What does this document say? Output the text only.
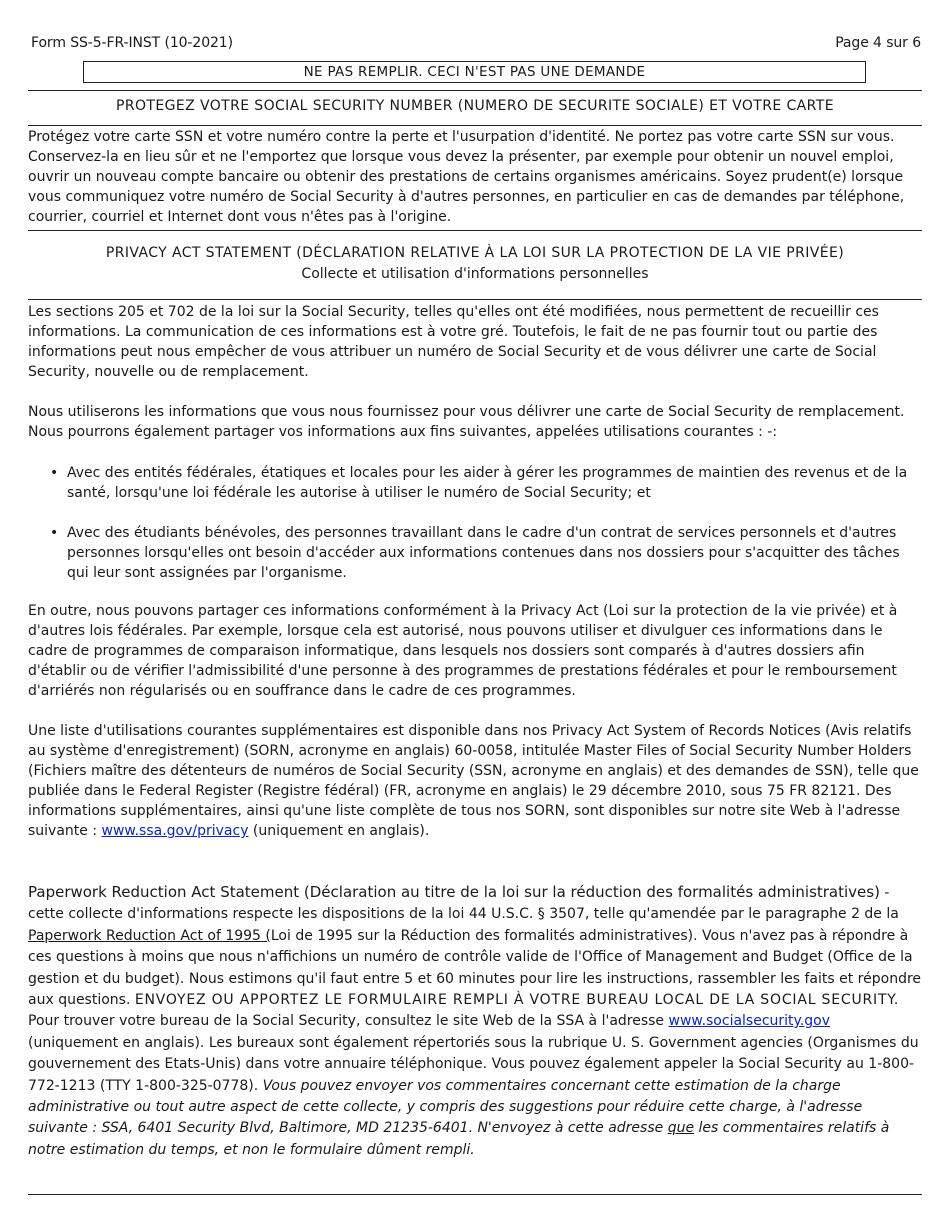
Form SS-5-FR-INST (10-2021)	Page 4 sur 6
NE PAS REMPLIR. CECI N'EST PAS UNE DEMANDE
PROTEGEZ VOTRE SOCIAL SECURITY NUMBER (NUMERO DE SECURITE SOCIALE) ET VOTRE CARTE

Protégez votre carte SSN et votre numéro contre la perte et l'usurpation d'identité. Ne portez pas votre carte SSN sur vous. Conservez-la en lieu sûr et ne l'emportez que lorsque vous devez la présenter, par exemple pour obtenir un nouvel emploi, ouvrir un nouveau compte bancaire ou obtenir des prestations de certains organismes américains. Soyez prudent(e) lorsque vous communiquez votre numéro de Social Security à d'autres personnes, en particulier en cas de demandes par téléphone, courrier, courriel et Internet dont vous n'êtes pas à l'origine.

PRIVACY ACT STATEMENT (DÉCLARATION RELATIVE À LA LOI SUR LA PROTECTION DE LA VIE PRIVÉE)
Collecte et utilisation d'informations personnelles

Les sections 205 et 702 de la loi sur la Social Security, telles qu'elles ont été modifiées, nous permettent de recueillir ces informations. La communication de ces informations est à votre gré. Toutefois, le fait de ne pas fournir tout ou partie des informations peut nous empêcher de vous attribuer un numéro de Social Security et de vous délivrer une carte de Social Security, nouvelle ou de remplacement.

Nous utiliserons les informations que vous nous fournissez pour vous délivrer une carte de Social Security de remplacement. Nous pourrons également partager vos informations aux fins suivantes, appelées utilisations courantes : -:

• Avec des entités fédérales, étatiques et locales pour les aider à gérer les programmes de maintien des revenus et de la santé, lorsqu'une loi fédérale les autorise à utiliser le numéro de Social Security; et
• Avec des étudiants bénévoles, des personnes travaillant dans le cadre d'un contrat de services personnels et d'autres personnes lorsqu'elles ont besoin d'accéder aux informations contenues dans nos dossiers pour s'acquitter des tâches qui leur sont assignées par l'organisme.

En outre, nous pouvons partager ces informations conformément à la Privacy Act (Loi sur la protection de la vie privée) et à d'autres lois fédérales. Par exemple, lorsque cela est autorisé, nous pouvons utiliser et divulguer ces informations dans le cadre de programmes de comparaison informatique, dans lesquels nos dossiers sont comparés à d'autres dossiers afin d'établir ou de vérifier l'admissibilité d'une personne à des programmes de prestations fédérales et pour le remboursement d'arriérés non régularisés ou en souffrance dans le cadre de ces programmes.

Une liste d'utilisations courantes supplémentaires est disponible dans nos Privacy Act System of Records Notices (Avis relatifs au système d'enregistrement) (SORN, acronyme en anglais) 60-0058, intitulée Master Files of Social Security Number Holders (Fichiers maître des détenteurs de numéros de Social Security (SSN, acronyme en anglais) et des demandes de SSN), telle que publiée dans le Federal Register (Registre fédéral) (FR, acronyme en anglais) le 29 décembre 2010, sous 75 FR 82121. Des informations supplémentaires, ainsi qu'une liste complète de tous nos SORN, sont disponibles sur notre site Web à l'adresse suivante : www.ssa.gov/privacy (uniquement en anglais).

Paperwork Reduction Act Statement (Déclaration au titre de la loi sur la réduction des formalités administratives) - cette collecte d'informations respecte les dispositions de la loi 44 U.S.C. § 3507, telle qu'amendée par le paragraphe 2 de la Paperwork Reduction Act of 1995 (Loi de 1995 sur la Réduction des formalités administratives). Vous n'avez pas à répondre à ces questions à moins que nous n'affichions un numéro de contrôle valide de l'Office of Management and Budget (Office de la gestion et du budget). Nous estimons qu'il faut entre 5 et 60 minutes pour lire les instructions, rassembler les faits et répondre aux questions. ENVOYEZ OU APPORTEZ LE FORMULAIRE REMPLI À VOTRE BUREAU LOCAL DE LA SOCIAL SECURITY. Pour trouver votre bureau de la Social Security, consultez le site Web de la SSA à l'adresse www.socialsecurity.gov (uniquement en anglais). Les bureaux sont également répertoriés sous la rubrique U. S. Government agencies (Organismes du gouvernement des Etats-Unis) dans votre annuaire téléphonique. Vous pouvez également appeler la Social Security au 1-800-772-1213 (TTY 1-800-325-0778). Vous pouvez envoyer vos commentaires concernant cette estimation de la charge administrative ou tout autre aspect de cette collecte, y compris des suggestions pour réduire cette charge, à l'adresse suivante : SSA, 6401 Security Blvd, Baltimore, MD 21235-6401. N'envoyez à cette adresse que les commentaires relatifs à notre estimation du temps, et non le formulaire dûment rempli.
